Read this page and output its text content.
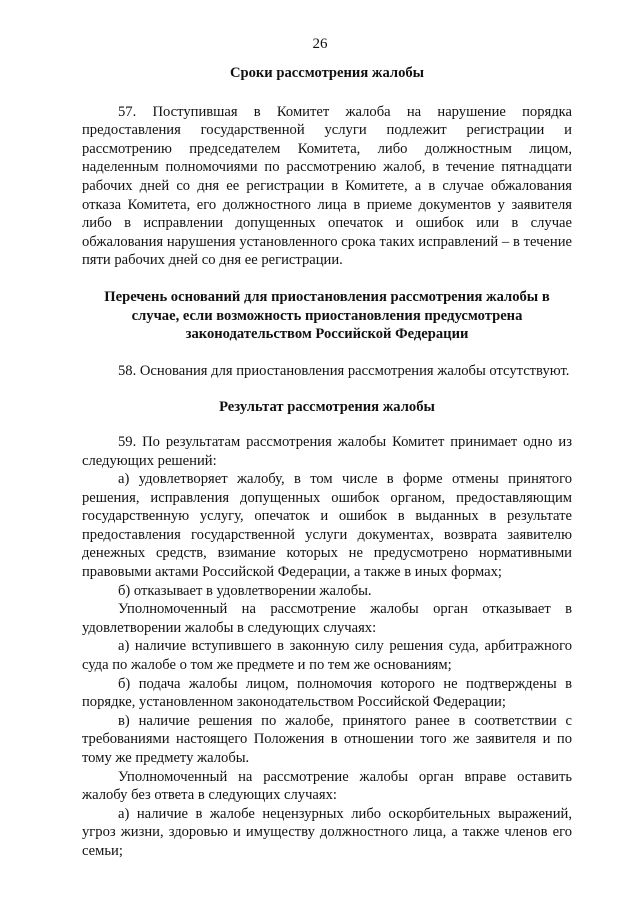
26
Сроки рассмотрения жалобы

57. Поступившая в Комитет жалоба на нарушение порядка предоставления государственной услуги подлежит регистрации и рассмотрению председателем Комитета, либо должностным лицом, наделенным полномочиями по рассмотрению жалоб, в течение пятнадцати рабочих дней со дня ее регистрации в Комитете, а в случае обжалования отказа Комитета, его должностного лица в приеме документов у заявителя либо в исправлении допущенных опечаток и ошибок или в случае обжалования нарушения установленного срока таких исправлений – в течение пяти рабочих дней со дня ее регистрации.

Перечень оснований для приостановления рассмотрения жалобы в случае, если возможность приостановления предусмотрена законодательством Российской Федерации

58. Основания для приостановления рассмотрения жалобы отсутствуют.

Результат рассмотрения жалобы

59. По результатам рассмотрения жалобы Комитет принимает одно из следующих решений:

а) удовлетворяет жалобу, в том числе в форме отмены принятого решения, исправления допущенных ошибок органом, предоставляющим государственную услугу, опечаток и ошибок в выданных в результате предоставления государственной услуги документах, возврата заявителю денежных средств, взимание которых не предусмотрено нормативными правовыми актами Российской Федерации, а также в иных формах;

б) отказывает в удовлетворении жалобы.

Уполномоченный на рассмотрение жалобы орган отказывает в удовлетворении жалобы в следующих случаях:

а) наличие вступившего в законную силу решения суда, арбитражного суда по жалобе о том же предмете и по тем же основаниям;

б) подача жалобы лицом, полномочия которого не подтверждены в порядке, установленном законодательством Российской Федерации;

в) наличие решения по жалобе, принятого ранее в соответствии с требованиями настоящего Положения в отношении того же заявителя и по тому же предмету жалобы.

Уполномоченный на рассмотрение жалобы орган вправе оставить жалобу без ответа в следующих случаях:

а) наличие в жалобе нецензурных либо оскорбительных выражений, угроз жизни, здоровью и имуществу должностного лица, а также членов его семьи;
